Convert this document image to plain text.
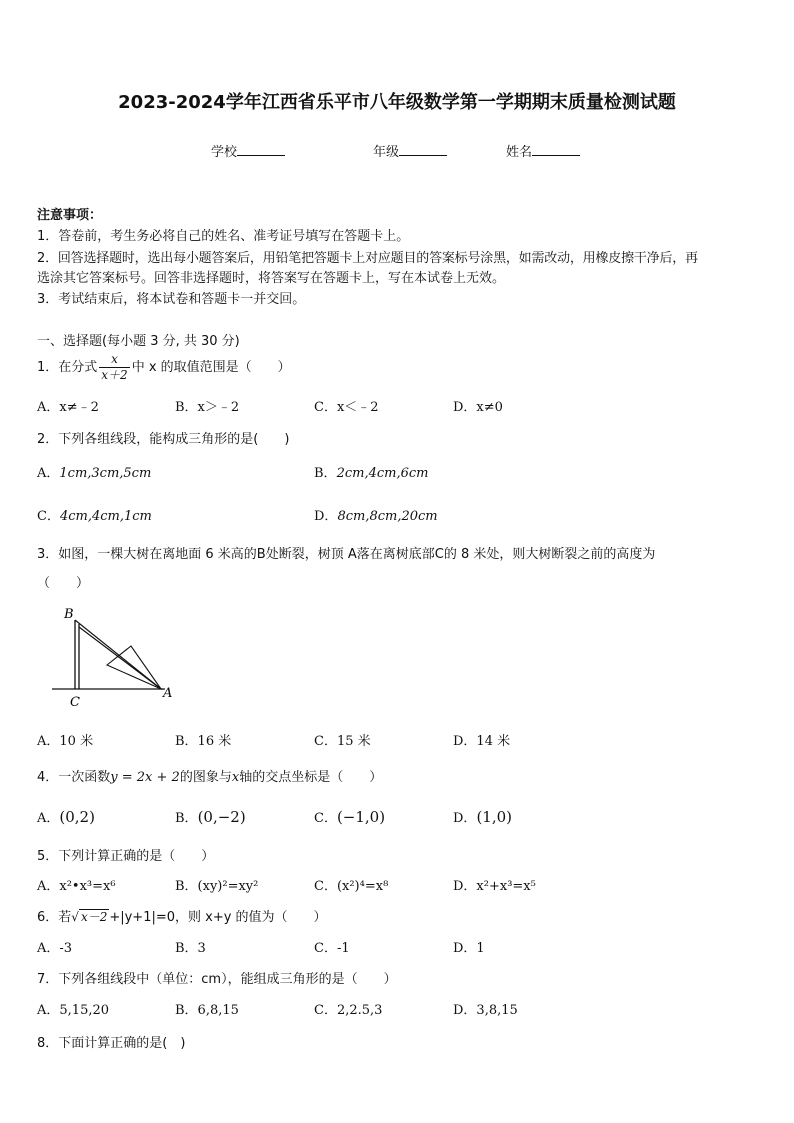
2023-2024学年江西省乐平市八年级数学第一学期期末质量检测试题
学校	年级	姓名
注意事项：
1．答卷前，考生务必将自己的姓名、准考证号填写在答题卡上。
2．回答选择题时，选出每小题答案后，用铅笔把答题卡上对应题目的答案标号涂黑，如需改动，用橡皮擦干净后，再
选涂其它答案标号。回答非选择题时，将答案写在答题卡上，写在本试卷上无效。
3．考试结束后，将本试卷和答题卡一并交回。
一、选择题(每小题 3 分, 共 30 分)
1．在分式 $\frac{x}{x+2}$ 中 x 的取值范围是（　　）
A．x≠﹣2	B．x＞﹣2	C．x＜﹣2	D．x≠0
2．下列各组线段，能构成三角形的是(　　)
A．1cm,3cm,5cm	B．2cm,4cm,6cm
C．4cm,4cm,1cm	D．8cm,8cm,20cm
3．如图，一棵大树在离地面 6 米高的B处断裂，树顶 A落在离树底部C的 8 米处，则大树断裂之前的高度为
（　　）
B
C
A
A．10 米	B．16 米	C．15 米	D．14 米
4．一次函数y = 2x + 2的图象与x轴的交点坐标是（　　）
A．(0,2)	B．(0,−2)	C．(−1,0)	D．(1,0)
5．下列计算正确的是（　　）
A．x²•x³=x⁶	B．(xy)²=xy²	C．(x²)⁴=x⁸	D．x²+x³=x⁵
6．若√ x－2 +|y+1|=0，则 x+y 的值为（　　）
A．-3	B．3	C．-1	D．1
7．下列各组线段中（单位：cm），能组成三角形的是（　　）
A．5,15,20	B．6,8,15	C．2,2.5,3	D．3,8,15
8．下面计算正确的是(　)
